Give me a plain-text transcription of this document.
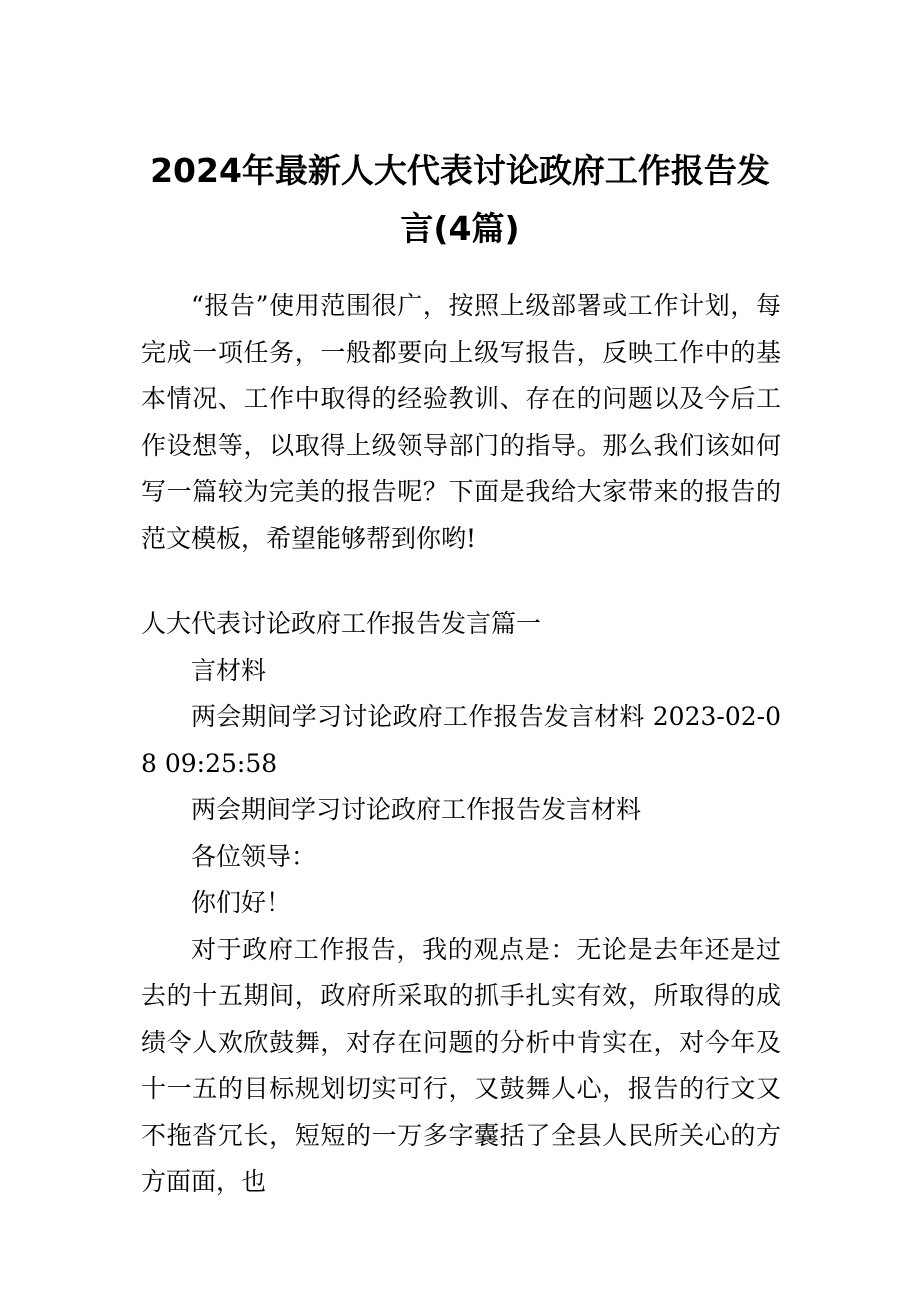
2024年最新人大代表讨论政府工作报告发
言(4篇)

“报告”使用范围很广，按照上级部署或工作计划，每完成一项任务，一般都要向上级写报告，反映工作中的基本情况、工作中取得的经验教训、存在的问题以及今后工作设想等，以取得上级领导部门的指导。那么我们该如何写一篇较为完美的报告呢？下面是我给大家带来的报告的范文模板，希望能够帮到你哟!

人大代表讨论政府工作报告发言篇一

言材料

两会期间学习讨论政府工作报告发言材料 2023-02-08 09:25:58

两会期间学习讨论政府工作报告发言材料

各位领导：

你们好！

对于政府工作报告，我的观点是：无论是去年还是过去的十五期间，政府所采取的抓手扎实有效，所取得的成绩令人欢欣鼓舞，对存在问题的分析中肯实在，对今年及十一五的目标规划切实可行，又鼓舞人心，报告的行文又不拖沓冗长，短短的一万多字囊括了全县人民所关心的方方面面，也
